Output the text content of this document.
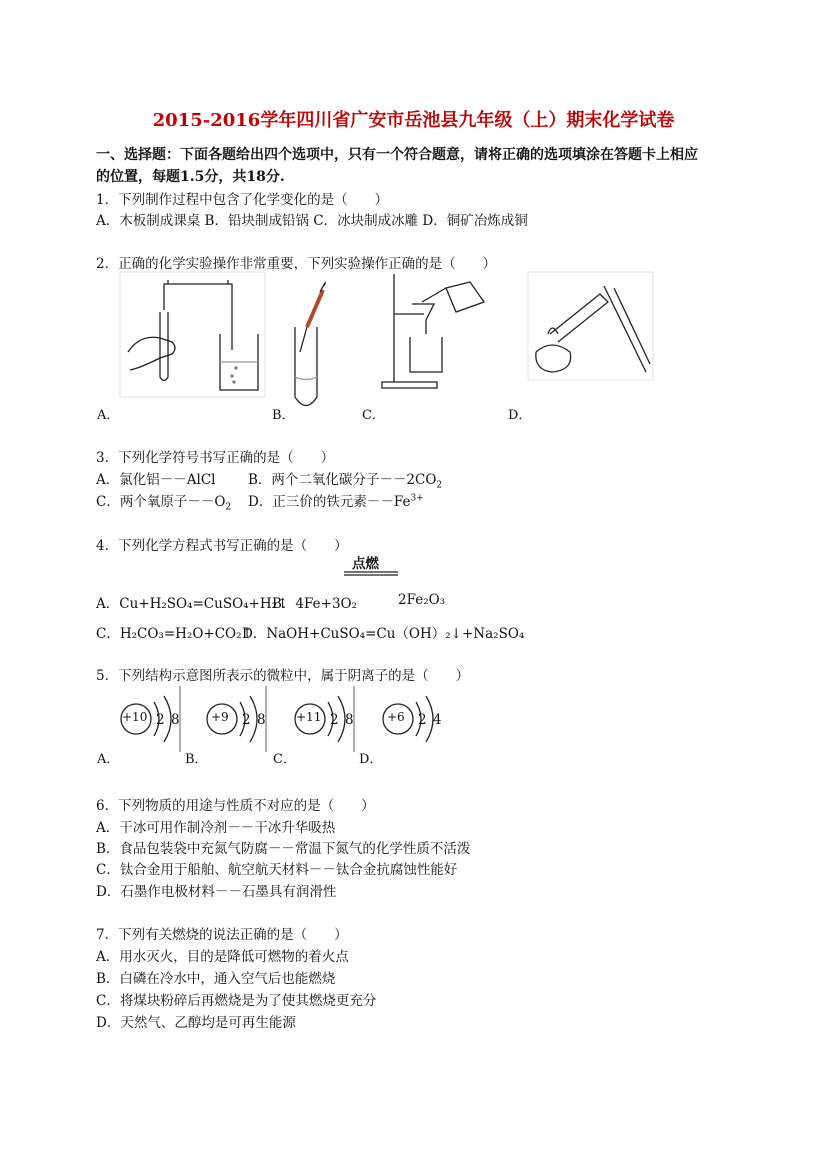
2015-2016学年四川省广安市岳池县九年级（上）期末化学试卷
一、选择题：下面各题给出四个选项中，只有一个符合题意，请将正确的选项填涂在答题卡上相应
的位置，每题1.5分，共18分.
1．下列制作过程中包含了化学变化的是（　　）
A．木板制成课桌 B．铅块制成铅锅 C．冰块制成冰雕 D．铜矿冶炼成铜
2．正确的化学实验操作非常重要，下列实验操作正确的是（　　）
A．	B．	C．	D．
3．下列化学符号书写正确的是（　　）
A．氯化铝－－AlCl B．两个二氧化碳分子$--2CO_2$
C．两个氧原子$--O_2$ D．正三价的铁元素$--Fe^{3+}$
4．下列化学方程式书写正确的是（　　）
点燃
A．Cu+H₂SO₄=CuSO₄+H₂↑
B．4Fe+3O₂	2Fe₂O₃
C．H₂CO₃=H₂O+CO₂↑
D．NaOH+CuSO₄=Cu（OH）₂↓+Na₂SO₄
5．下列结构示意图所表示的微粒中，属于阴离子的是（　　）
+10 2 8	+9 2 8	+11 2 8	+6 2 4
A．	B．	C．	D．
6．下列物质的用途与性质不对应的是（　　）
A．干冰可用作制冷剂－－干冰升华吸热
B．食品包装袋中充氮气防腐－－常温下氮气的化学性质不活泼
C．钛合金用于船舶、航空航天材料－－钛合金抗腐蚀性能好
D．石墨作电极材料－－石墨具有润滑性
7．下列有关燃烧的说法正确的是（　　）
A．用水灭火，目的是降低可燃物的着火点
B．白磷在冷水中，通入空气后也能燃烧
C．将煤块粉碎后再燃烧是为了使其燃烧更充分
D．天然气、乙醇均是可再生能源
